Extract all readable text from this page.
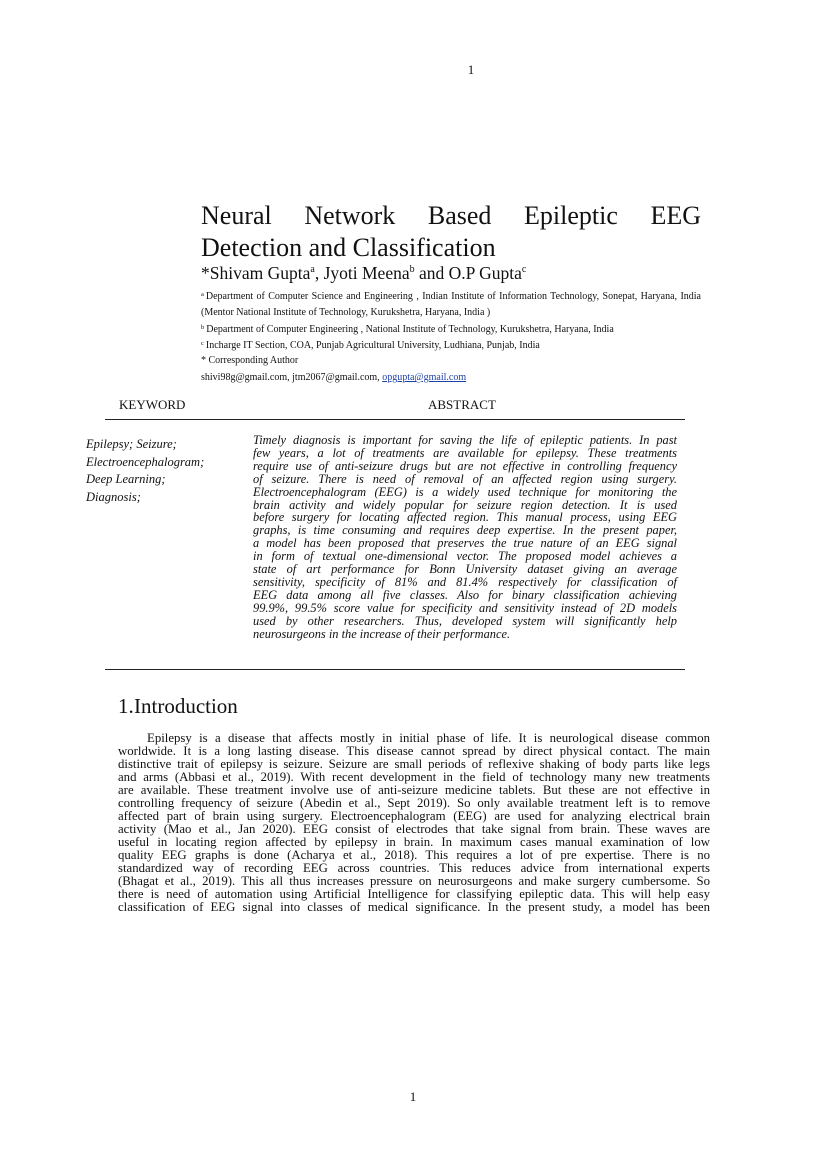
1
Neural Network Based Epileptic EEG
Detection and Classification
*Shivam Gupta$^a$, Jyoti Meena$^b$ and O.P Gupta$^c$
$^a$ Department of Computer Science and Engineering , Indian Institute of Information Technology, Sonepat, Haryana, India (Mentor National Institute of Technology, Kurukshetra, Haryana, India )
$^b$ Department of Computer Engineering , National Institute of Technology, Kurukshetra, Haryana, India
$^c$ Incharge IT Section, COA, Punjab Agricultural University, Ludhiana, Punjab, India
* Corresponding Author
shivi98g@gmail.com, jtm2067@gmail.com, opgupta@gmail.com
KEYWORD	ABSTRACT
Epilepsy; Seizure;
Electroencephalogram;
Deep Learning;
Diagnosis;
Timely diagnosis is important for saving the life of epileptic patients. In past
few years, a lot of treatments are available for epilepsy. These treatments
require use of anti-seizure drugs but are not effective in controlling frequency
of seizure. There is need of removal of an affected region using surgery.
Electroencephalogram (EEG) is a widely used technique for monitoring the
brain activity and widely popular for seizure region detection. It is used
before surgery for locating affected region. This manual process, using EEG
graphs, is time consuming and requires deep expertise. In the present paper,
a model has been proposed that preserves the true nature of an EEG signal
in form of textual one-dimensional vector. The proposed model achieves a
state of art performance for Bonn University dataset giving an average
sensitivity, specificity of 81% and 81.4% respectively for classification of
EEG data among all five classes. Also for binary classification achieving
99.9%, 99.5% score value for specificity and sensitivity instead of 2D models
used by other researchers. Thus, developed system will significantly help
neurosurgeons in the increase of their performance.
1.Introduction
Epilepsy is a disease that affects mostly in initial phase of life. It is neurological disease common
worldwide. It is a long lasting disease. This disease cannot spread by direct physical contact. The main
distinctive trait of epilepsy is seizure. Seizure are small periods of reflexive shaking of body parts like legs
and arms (Abbasi et al., 2019). With recent development in the field of technology many new treatments
are available. These treatment involve use of anti-seizure medicine tablets. But these are not effective in
controlling frequency of seizure (Abedin et al., Sept 2019). So only available treatment left is to remove
affected part of brain using surgery. Electroencephalogram (EEG) are used for analyzing electrical brain
activity (Mao et al., Jan 2020). EEG consist of electrodes that take signal from brain. These waves are
useful in locating region affected by epilepsy in brain. In maximum cases manual examination of low
quality EEG graphs is done (Acharya et al., 2018). This requires a lot of pre expertise. There is no
standardized way of recording EEG across countries. This reduces advice from international experts
(Bhagat et al., 2019). This all thus increases pressure on neurosurgeons and make surgery cumbersome. So
there is need of automation using Artificial Intelligence for classifying epileptic data. This will help easy
classification of EEG signal into classes of medical significance. In the present study, a model has been
1
